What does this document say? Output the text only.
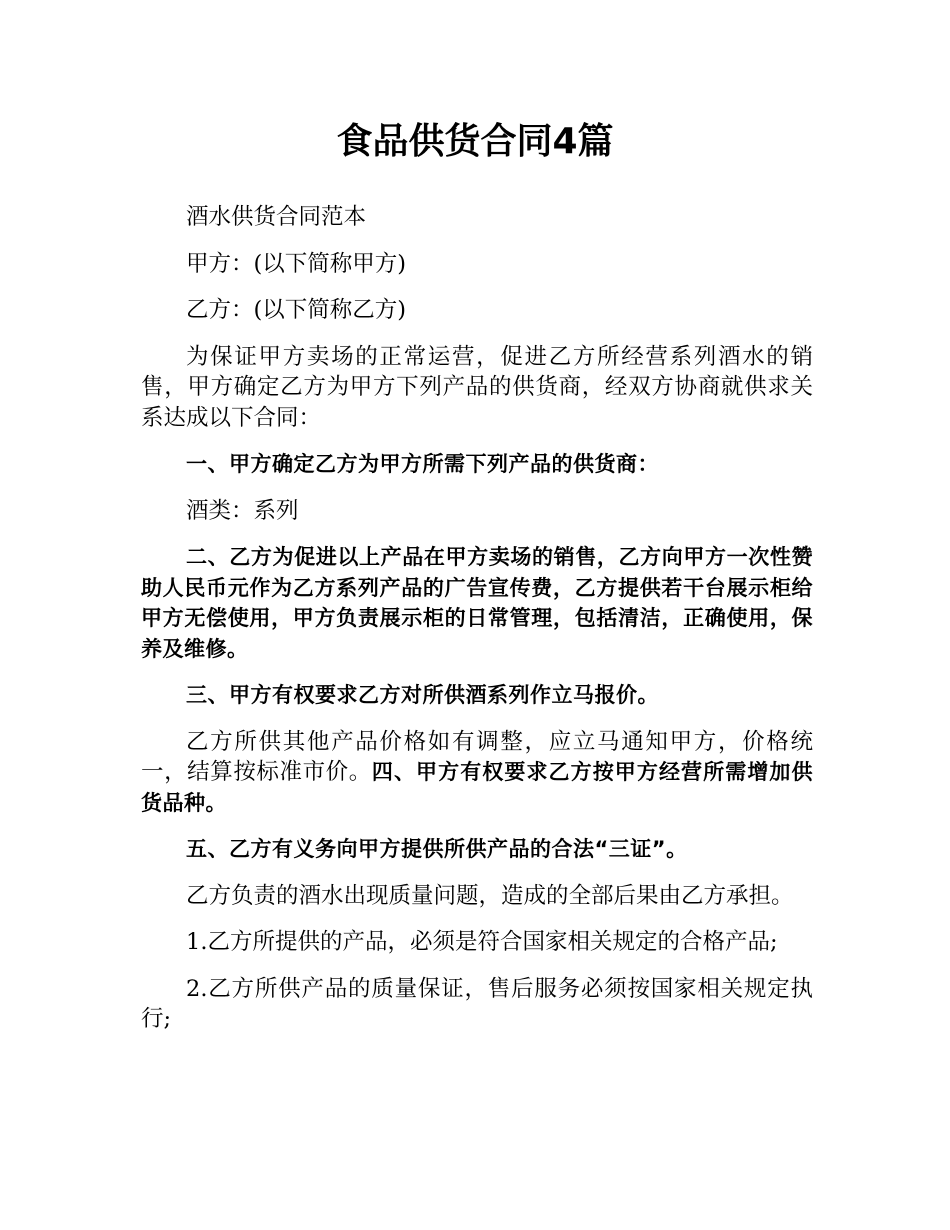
食品供货合同4篇

酒水供货合同范本

甲方：(以下简称甲方)

乙方：(以下简称乙方)

为保证甲方卖场的正常运营，促进乙方所经营系列酒水的销售，甲方确定乙方为甲方下列产品的供货商，经双方协商就供求关系达成以下合同：

一、甲方确定乙方为甲方所需下列产品的供货商：

酒类：系列

二、乙方为促进以上产品在甲方卖场的销售，乙方向甲方一次性赞助人民币元作为乙方系列产品的广告宣传费，乙方提供若干台展示柜给甲方无偿使用，甲方负责展示柜的日常管理，包括清洁，正确使用，保养及维修。

三、甲方有权要求乙方对所供酒系列作立马报价。

乙方所供其他产品价格如有调整，应立马通知甲方，价格统一，结算按标准市价。四、甲方有权要求乙方按甲方经营所需增加供货品种。

五、乙方有义务向甲方提供所供产品的合法“三证”。

乙方负责的酒水出现质量问题，造成的全部后果由乙方承担。

1.乙方所提供的产品，必须是符合国家相关规定的合格产品;

2.乙方所供产品的质量保证，售后服务必须按国家相关规定执行;
